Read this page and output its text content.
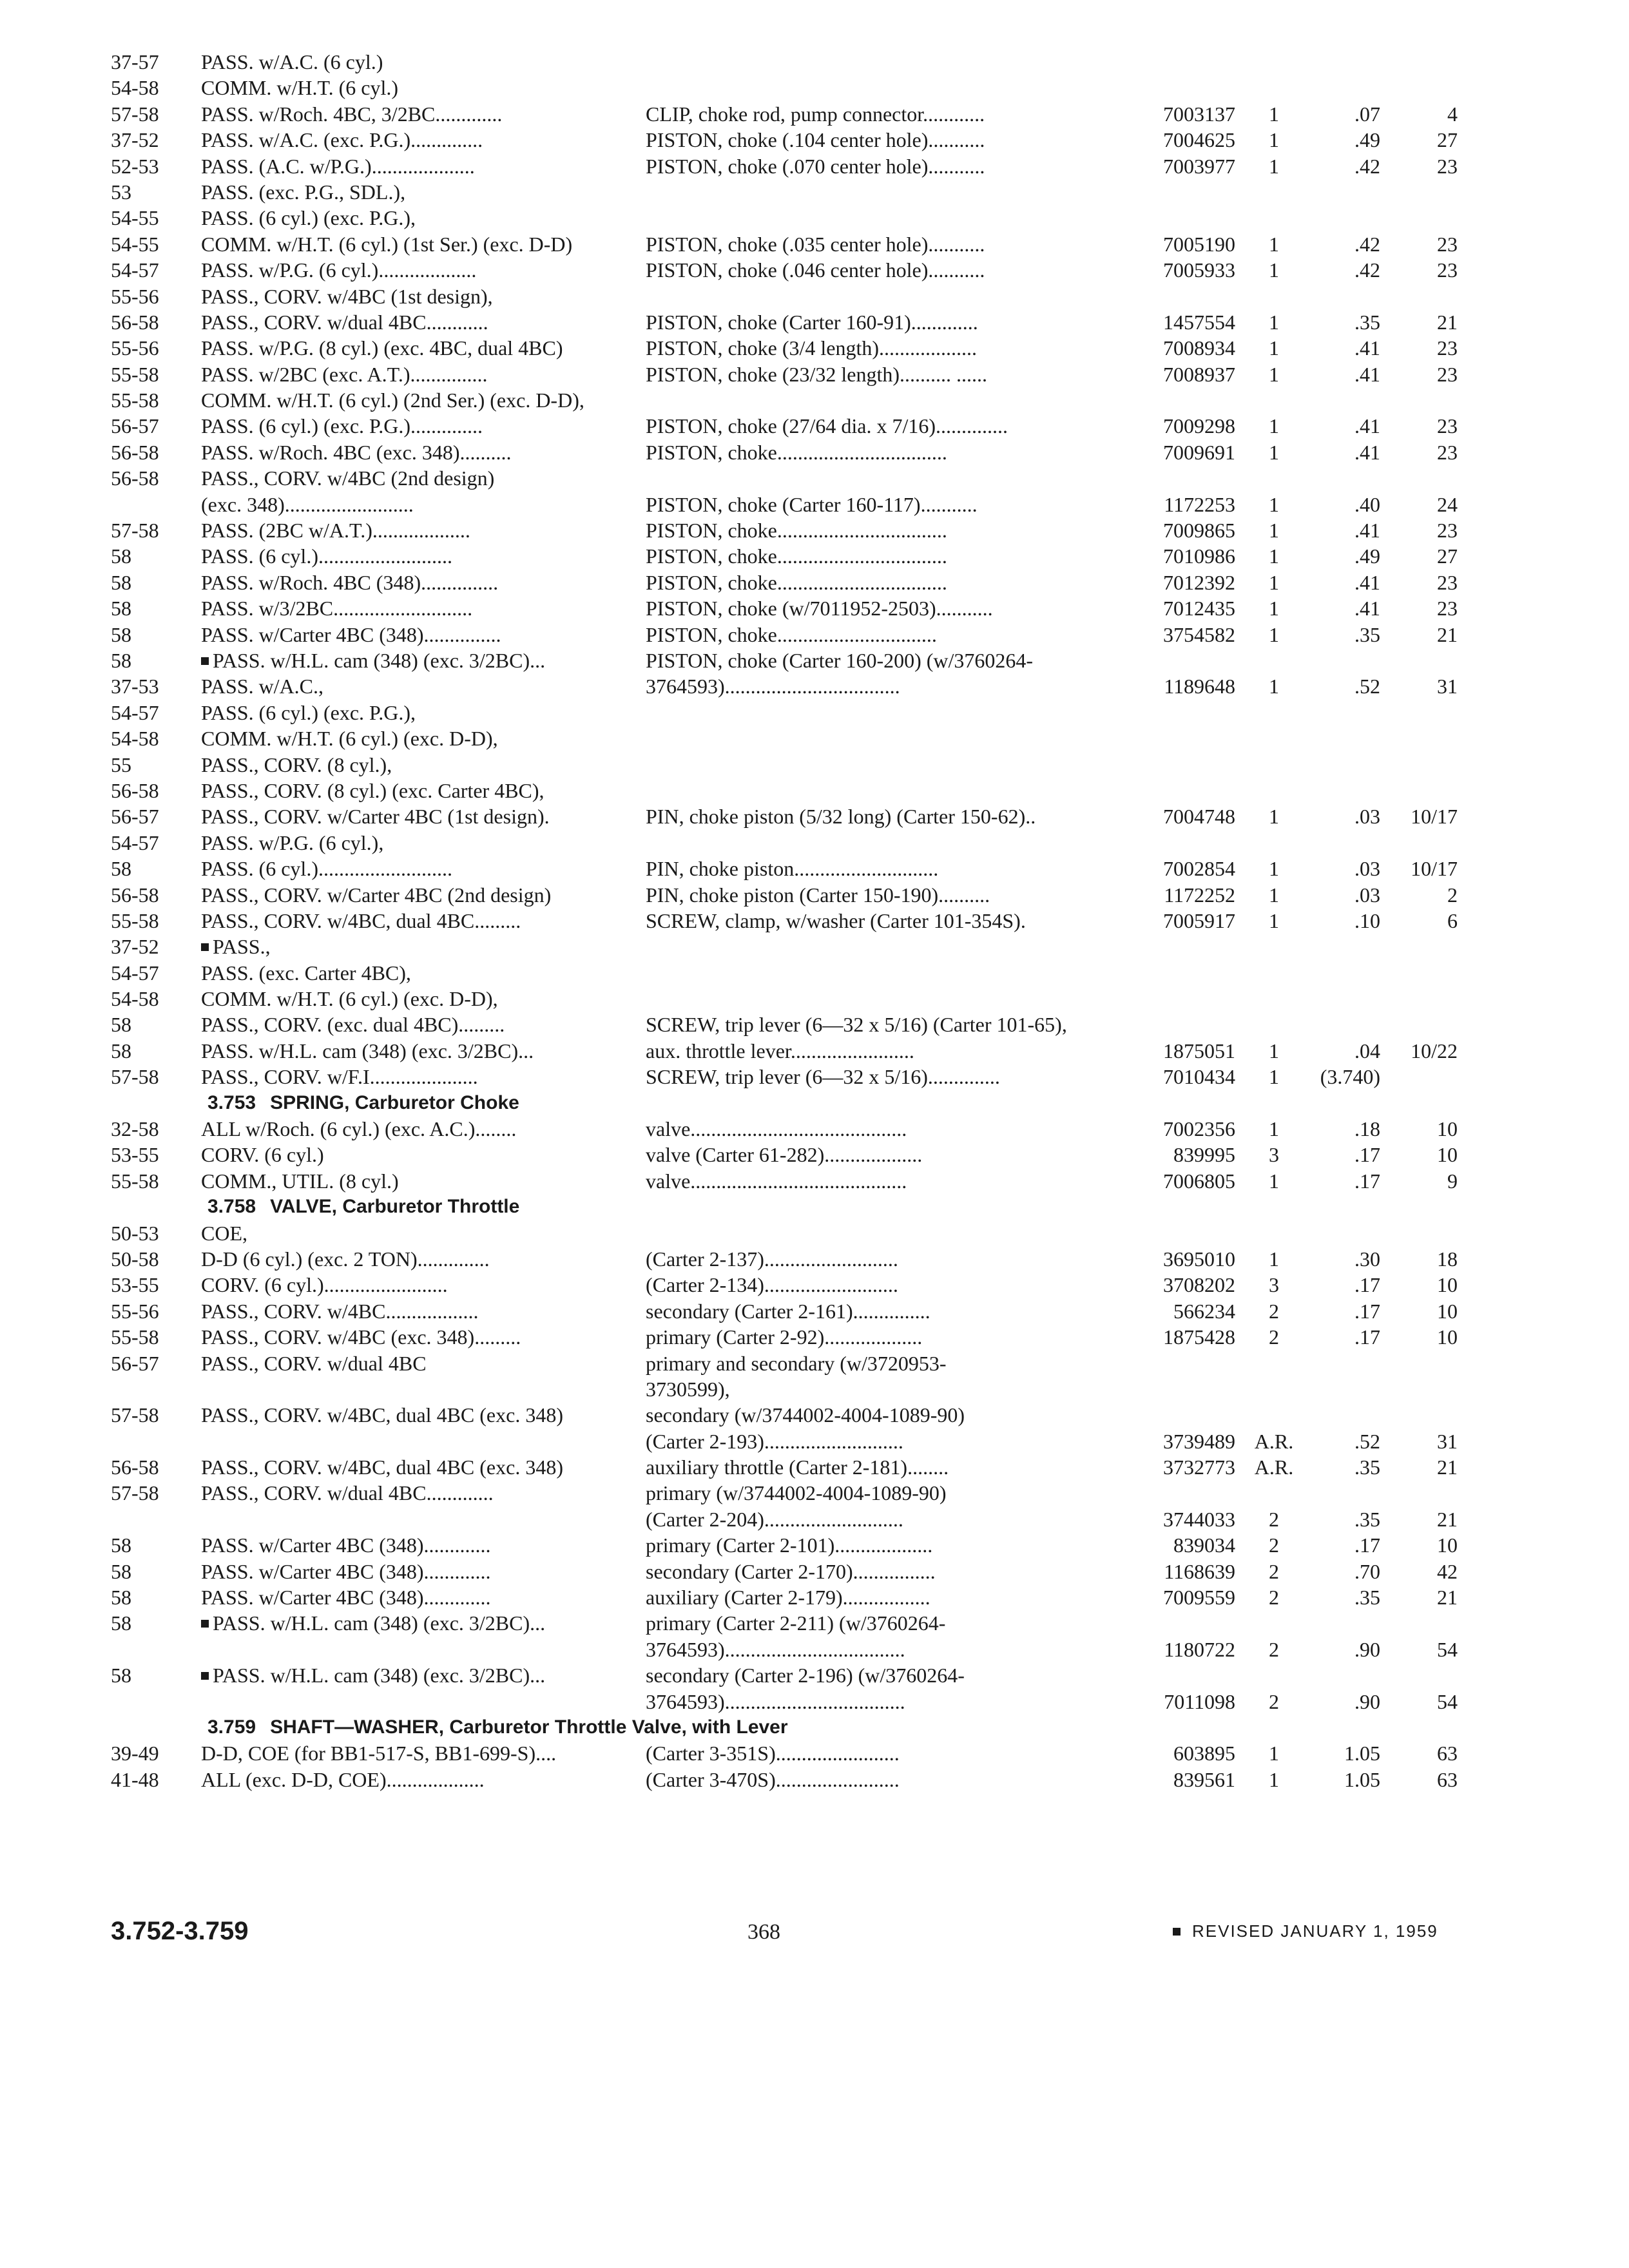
37-57	PASS. w/A.C. (6 cyl.)
54-58	COMM. w/H.T. (6 cyl.)
57-58	PASS. w/Roch. 4BC, 3/2BC.............	CLIP, choke rod, pump connector............	7003137	1	.07	4
37-52	PASS. w/A.C. (exc. P.G.)..............	PISTON, choke (.104 center hole)...........	7004625	1	.49	27
52-53	PASS. (A.C. w/P.G.)....................	PISTON, choke (.070 center hole)...........	7003977	1	.42	23
53	PASS. (exc. P.G., SDL.),
54-55	PASS. (6 cyl.) (exc. P.G.),
54-55	COMM. w/H.T. (6 cyl.) (1st Ser.) (exc. D-D)	PISTON, choke (.035 center hole)...........	7005190	1	.42	23
54-57	PASS. w/P.G. (6 cyl.)...................	PISTON, choke (.046 center hole)...........	7005933	1	.42	23
55-56	PASS., CORV. w/4BC (1st design),
56-58	PASS., CORV. w/dual 4BC............	PISTON, choke (Carter 160-91).............	1457554	1	.35	21
55-56	PASS. w/P.G. (8 cyl.) (exc. 4BC, dual 4BC)	PISTON, choke (3/4 length)...................	7008934	1	.41	23
55-58	PASS. w/2BC (exc. A.T.)...............	PISTON, choke (23/32 length).......... ......	7008937	1	.41	23
55-58	COMM. w/H.T. (6 cyl.) (2nd Ser.) (exc. D-D),
56-57	PASS. (6 cyl.) (exc. P.G.)..............	PISTON, choke (27/64 dia. x 7/16)..............	7009298	1	.41	23
56-58	PASS. w/Roch. 4BC (exc. 348)..........	PISTON, choke.................................	7009691	1	.41	23
56-58	PASS., CORV. w/4BC (2nd design)
(exc. 348).........................	PISTON, choke (Carter 160-117)...........	1172253	1	.40	24
57-58	PASS. (2BC w/A.T.)...................	PISTON, choke.................................	7009865	1	.41	23
58	PASS. (6 cyl.)..........................	PISTON, choke.................................	7010986	1	.49	27
58	PASS. w/Roch. 4BC (348)...............	PISTON, choke.................................	7012392	1	.41	23
58	PASS. w/3/2BC...........................	PISTON, choke (w/7011952-2503)...........	7012435	1	.41	23
58	PASS. w/Carter 4BC (348)...............	PISTON, choke...............................	3754582	1	.35	21
58	PASS. w/H.L. cam (348) (exc. 3/2BC)...	PISTON, choke (Carter 160-200) (w/3760264-
37-53	PASS. w/A.C.,	3764593)..................................	1189648	1	.52	31
54-57	PASS. (6 cyl.) (exc. P.G.),
54-58	COMM. w/H.T. (6 cyl.) (exc. D-D),
55	PASS., CORV. (8 cyl.),
56-58	PASS., CORV. (8 cyl.) (exc. Carter 4BC),
56-57	PASS., CORV. w/Carter 4BC (1st design).	PIN, choke piston (5/32 long) (Carter 150-62)..	7004748	1	.03	10/17
54-57	PASS. w/P.G. (6 cyl.),
58	PASS. (6 cyl.)..........................	PIN, choke piston............................	7002854	1	.03	10/17
56-58	PASS., CORV. w/Carter 4BC (2nd design)	PIN, choke piston (Carter 150-190)..........	1172252	1	.03	2
55-58	PASS., CORV. w/4BC, dual 4BC.........	SCREW, clamp, w/washer (Carter 101-354S).	7005917	1	.10	6
37-52	PASS.,
54-57	PASS. (exc. Carter 4BC),
54-58	COMM. w/H.T. (6 cyl.) (exc. D-D),
58	PASS., CORV. (exc. dual 4BC).........	SCREW, trip lever (6—32 x 5/16) (Carter 101-65),
58	PASS. w/H.L. cam (348) (exc. 3/2BC)...	aux. throttle lever........................	1875051	1	.04	10/22
57-58	PASS., CORV. w/F.I.....................	SCREW, trip lever (6—32 x 5/16)..............	7010434	1	(3.740)
3.753 SPRING, Carburetor Choke
32-58	ALL w/Roch. (6 cyl.) (exc. A.C.)........	valve..........................................	7002356	1	.18	10
53-55	CORV. (6 cyl.)	valve (Carter 61-282)...................	839995	3	.17	10
55-58	COMM., UTIL. (8 cyl.)	valve..........................................	7006805	1	.17	9
3.758 VALVE, Carburetor Throttle
50-53	COE,
50-58	D-D (6 cyl.) (exc. 2 TON)..............	(Carter 2-137)..........................	3695010	1	.30	18
53-55	CORV. (6 cyl.)........................	(Carter 2-134)..........................	3708202	3	.17	10
55-56	PASS., CORV. w/4BC..................	secondary (Carter 2-161)...............	566234	2	.17	10
55-58	PASS., CORV. w/4BC (exc. 348).........	primary (Carter 2-92)...................	1875428	2	.17	10
56-57	PASS., CORV. w/dual 4BC	primary and secondary (w/3720953-
3730599),
57-58	PASS., CORV. w/4BC, dual 4BC (exc. 348)	secondary (w/3744002-4004-1089-90)
(Carter 2-193)...........................	3739489 A.R.	.52	31
56-58	PASS., CORV. w/4BC, dual 4BC (exc. 348)	auxiliary throttle (Carter 2-181)........	3732773 A.R.	.35	21
57-58	PASS., CORV. w/dual 4BC.............	primary (w/3744002-4004-1089-90)
(Carter 2-204)...........................	3744033	2	.35	21
58	PASS. w/Carter 4BC (348).............	primary (Carter 2-101)...................	839034	2	.17	10
58	PASS. w/Carter 4BC (348).............	secondary (Carter 2-170)................	1168639	2	.70	42
58	PASS. w/Carter 4BC (348).............	auxiliary (Carter 2-179).................	7009559	2	.35	21
58	PASS. w/H.L. cam (348) (exc. 3/2BC)...	primary (Carter 2-211) (w/3760264-
3764593)...................................	1180722	2	.90	54
58	PASS. w/H.L. cam (348) (exc. 3/2BC)...	secondary (Carter 2-196) (w/3760264-
3764593)...................................	7011098	2	.90	54
3.759 SHAFT—WASHER, Carburetor Throttle Valve, with Lever
39-49	D-D, COE (for BB1-517-S, BB1-699-S)....	(Carter 3-351S)........................	603895	1	1.05	63
41-48	ALL (exc. D-D, COE)...................	(Carter 3-470S)........................	839561	1	1.05	63
3.752-3.759	368	REVISED JANUARY 1, 1959
